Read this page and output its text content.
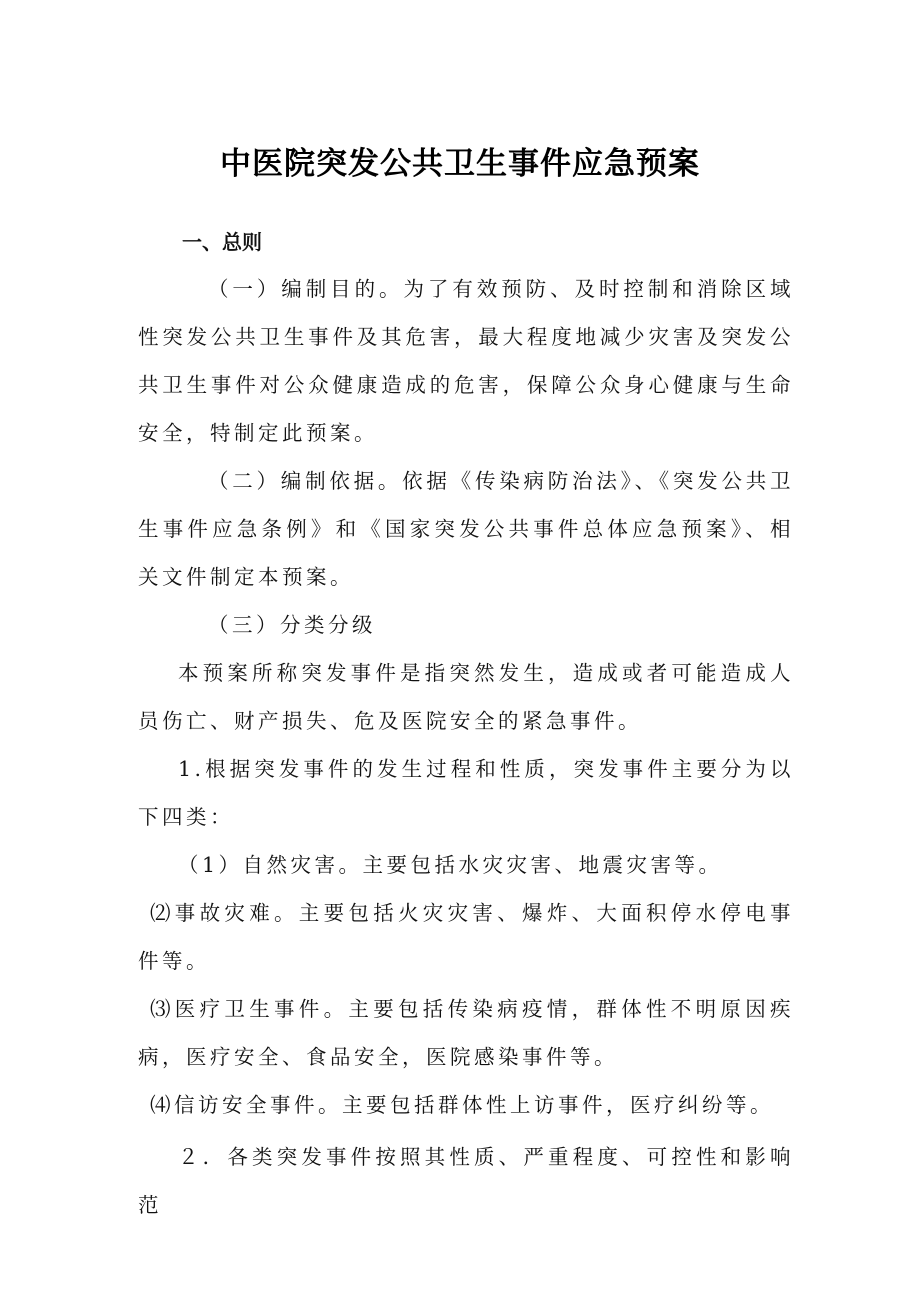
中医院突发公共卫生事件应急预案
一、总则

（一）编制目的。为了有效预防、及时控制和消除区域性突发公共卫生事件及其危害，最大程度地减少灾害及突发公共卫生事件对公众健康造成的危害，保障公众身心健康与生命安全，特制定此预案。

（二）编制依据。依据《传染病防治法》、《突发公共卫生事件应急条例》和《国家突发公共事件总体应急预案》、相关文件制定本预案。

（三）分类分级

本预案所称突发事件是指突然发生，造成或者可能造成人员伤亡、财产损失、危及医院安全的紧急事件。

1.根据突发事件的发生过程和性质，突发事件主要分为以下四类：

（1）自然灾害。主要包括水灾灾害、地震灾害等。

⑵事故灾难。主要包括火灾灾害、爆炸、大面积停水停电事件等。

⑶医疗卫生事件。主要包括传染病疫情，群体性不明原因疾病，医疗安全、食品安全，医院感染事件等。

⑷信访安全事件。主要包括群体性上访事件，医疗纠纷等。

２．各类突发事件按照其性质、严重程度、可控性和影响范
